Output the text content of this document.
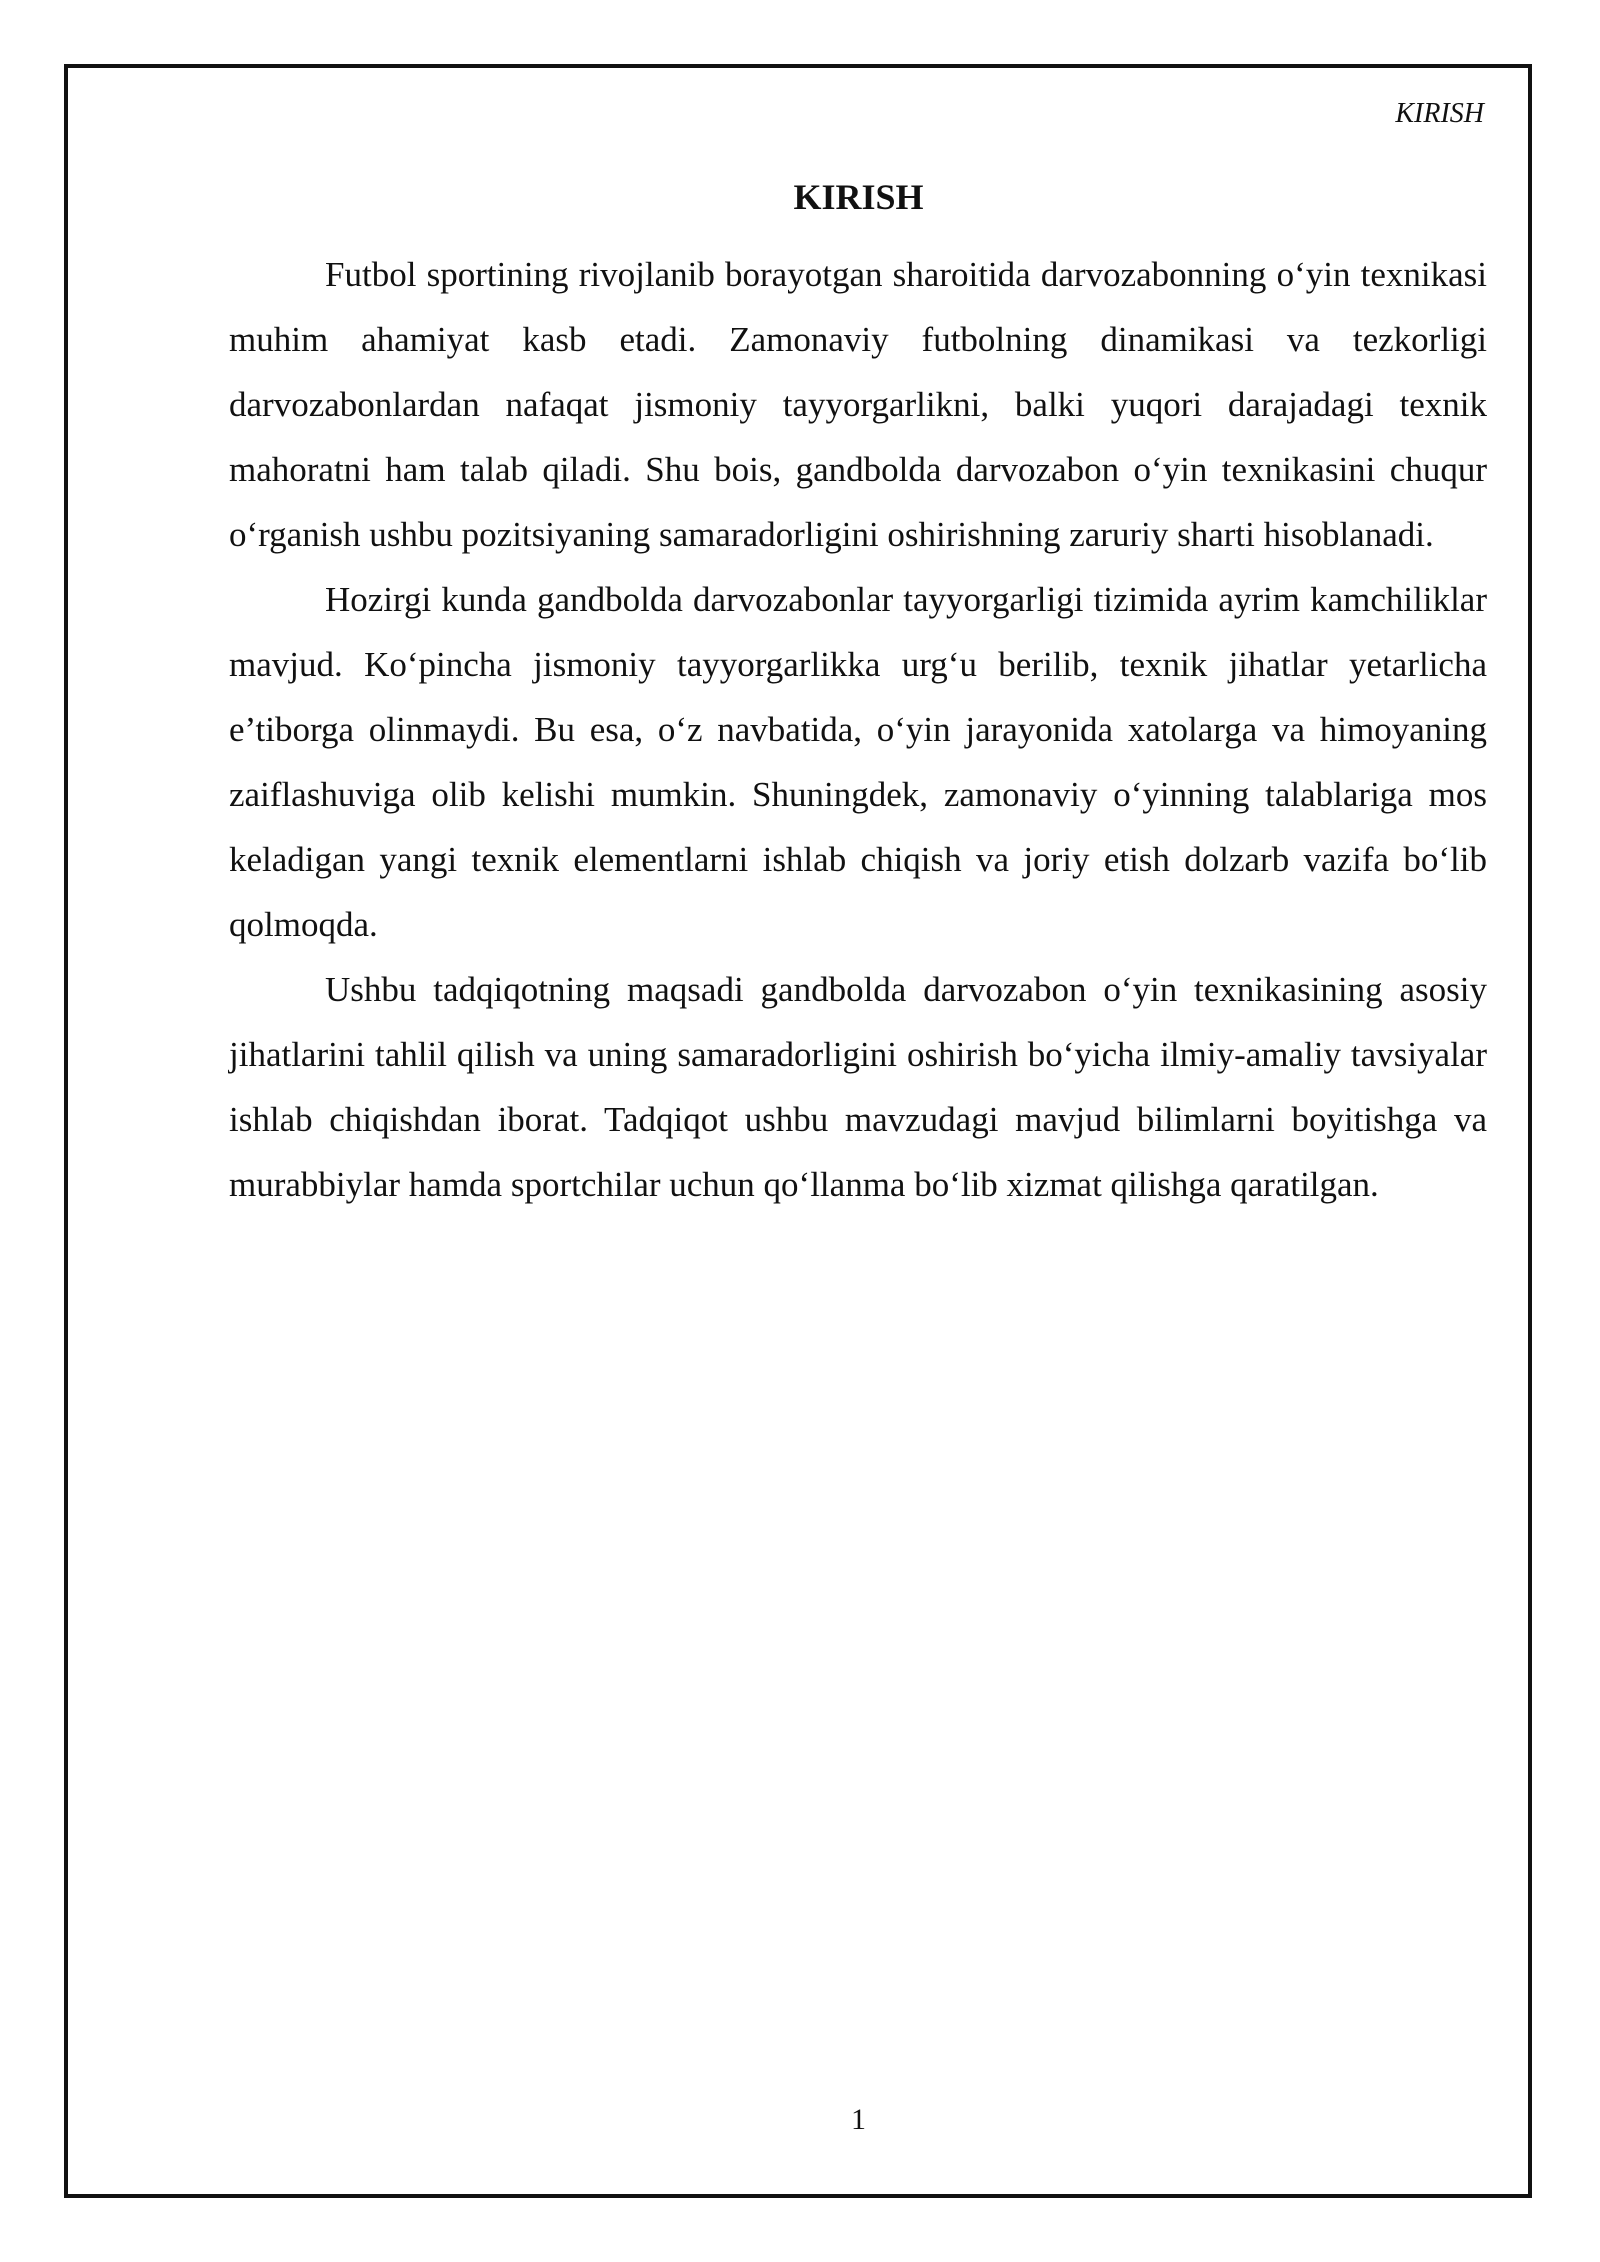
KIRISH
KIRISH

Futbol sportining rivojlanib borayotgan sharoitida darvozabonning o‘yin texnikasi muhim ahamiyat kasb etadi. Zamonaviy futbolning dinamikasi va tezkorligi darvozabonlardan nafaqat jismoniy tayyorgarlikni, balki yuqori darajadagi texnik mahoratni ham talab qiladi. Shu bois, gandbolda darvozabon o‘yin texnikasini chuqur o‘rganish ushbu pozitsiyaning samaradorligini oshirishning zaruriy sharti hisoblanadi.

Hozirgi kunda gandbolda darvozabonlar tayyorgarligi tizimida ayrim kamchiliklar mavjud. Ko‘pincha jismoniy tayyorgarlikka urg‘u berilib, texnik jihatlar yetarlicha e’tiborga olinmaydi. Bu esa, o‘z navbatida, o‘yin jarayonida xatolarga va himoyaning zaiflashuviga olib kelishi mumkin. Shuningdek, zamonaviy o‘yinning talablariga mos keladigan yangi texnik elementlarni ishlab chiqish va joriy etish dolzarb vazifa bo‘lib qolmoqda.

Ushbu tadqiqotning maqsadi gandbolda darvozabon o‘yin texnikasining asosiy jihatlarini tahlil qilish va uning samaradorligini oshirish bo‘yicha ilmiy-amaliy tavsiyalar ishlab chiqishdan iborat. Tadqiqot ushbu mavzudagi mavjud bilimlarni boyitishga va murabbiylar hamda sportchilar uchun qo‘llanma bo‘lib xizmat qilishga qaratilgan.

1
